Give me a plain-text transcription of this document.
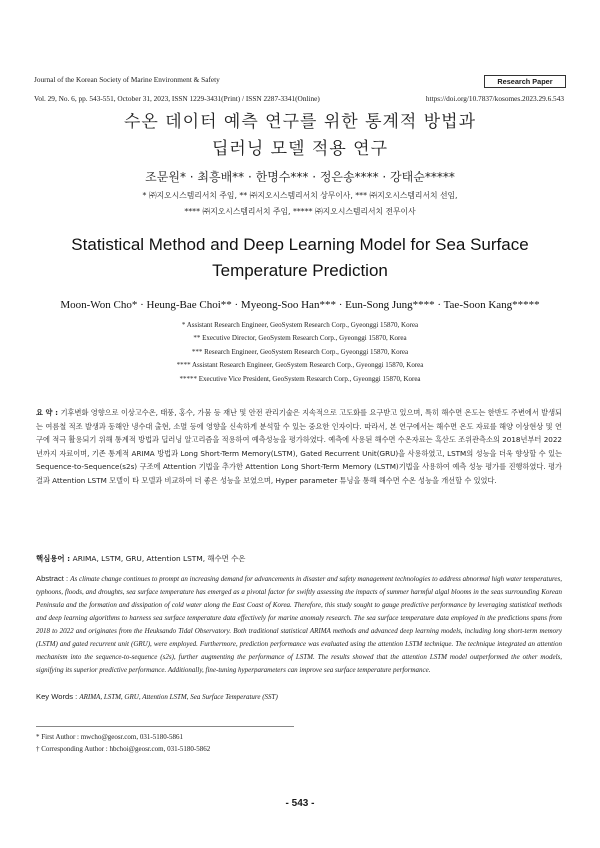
Journal of the Korean Society of Marine Environment & Safety	Research Paper
Vol. 29, No. 6, pp. 543-551, October 31, 2023, ISSN 1229-3431(Print) / ISSN 2287-3341(Online)	https://doi.org/10.7837/kosomes.2023.29.6.543
수온 데이터 예측 연구를 위한 통계적 방법과
딥러닝 모델 적용 연구
조문원* · 최흥배** · 한명수*** · 정은송**** · 강태순*****
* ㈜지오시스템리서치 주임, ** ㈜지오시스템리서치 상무이사, *** ㈜지오시스템리서치 선임,
**** ㈜지오시스템리서치 주임, ***** ㈜지오시스템리서치 전무이사
Statistical Method and Deep Learning Model for Sea Surface Temperature Prediction
Moon-Won Cho* · Heung-Bae Choi** · Myeong-Soo Han*** · Eun-Song Jung**** · Tae-Soon Kang*****
* Assistant Research Engineer, GeoSystem Research Corp., Gyeonggi 15870, Korea
** Executive Director, GeoSystem Research Corp., Gyeonggi 15870, Korea
*** Research Engineer, GeoSystem Research Corp., Gyeonggi 15870, Korea
**** Assistant Research Engineer, GeoSystem Research Corp., Gyeonggi 15870, Korea
***** Executive Vice President, GeoSystem Research Corp., Gyeonggi 15870, Korea
요 약 : 기후변화 영향으로 이상고수온, 태풍, 홍수, 가뭄 등 재난 및 안전 관리기술은 지속적으로 고도화를 요구받고 있으며, 특히 해수면 온도는 한반도 주변에서 발생되는 여름철 적조 발생과 동해안 냉수대 출현, 소멸 등에 영향을 신속하게 분석할 수 있는 중요한 인자이다. 따라서, 본 연구에서는 해수면 온도 자료를 해양 이상현상 및 연구에 적극 활용되기 위해 통계적 방법과 딥러닝 알고리즘을 적용하여 예측성능을 평가하였다. 예측에 사용된 해수면 수온자료는 흑산도 조위관측소의 2018년부터 2022년까지 자료이며, 기존 통계적 ARIMA 방법과 Long Short-Term Memory(LSTM), Gated Recurrent Unit(GRU)을 사용하였고, LSTM의 성능을 더욱 향상할 수 있는 Sequence-to-Sequence(s2s) 구조에 Attention 기법을 추가한 Attention Long Short-Term Memory (LSTM)기법을 사용하여 예측 성능 평가를 진행하였다. 평가 결과 Attention LSTM 모델이 타 모델과 비교하여 더 좋은 성능을 보였으며, Hyper parameter 튜닝을 통해 해수면 수온 성능을 개선할 수 있었다.
핵심용어 : ARIMA, LSTM, GRU, Attention LSTM, 해수면 수온
Abstract : As climate change continues to prompt an increasing demand for advancements in disaster and safety management technologies to address abnormal high water temperatures, typhoons, floods, and droughts, sea surface temperature has emerged as a pivotal factor for swiftly assessing the impacts of summer harmful algal blooms in the seas surrounding Korean Peninsula and the formation and dissipation of cold water along the East Coast of Korea. Therefore, this study sought to gauge predictive performance by leveraging statistical methods and deep learning algorithms to harness sea surface temperature data effectively for marine anomaly research. The sea surface temperature data employed in the predictions spans from 2018 to 2022 and originates from the Heuksando Tidal Observatory. Both traditional statistical ARIMA methods and advanced deep learning models, including long short-term memory (LSTM) and gated recurrent unit (GRU), were employed. Furthermore, prediction performance was evaluated using the attention LSTM technique. The technique integrated an attention mechanism into the sequence-to-sequence (s2s), further augmenting the performance of LSTM. The results showed that the attention LSTM model outperformed the other models, signifying its superior predictive performance. Additionally, fine-tuning hyperparameters can improve sea surface temperature performance.
Key Words : ARIMA, LSTM, GRU, Attention LSTM, Sea Surface Temperature (SST)
* First Author : mwcho@geosr.com, 031-5180-5861
† Corresponding Author : hbchoi@geosr.com, 031-5180-5862
- 543 -
